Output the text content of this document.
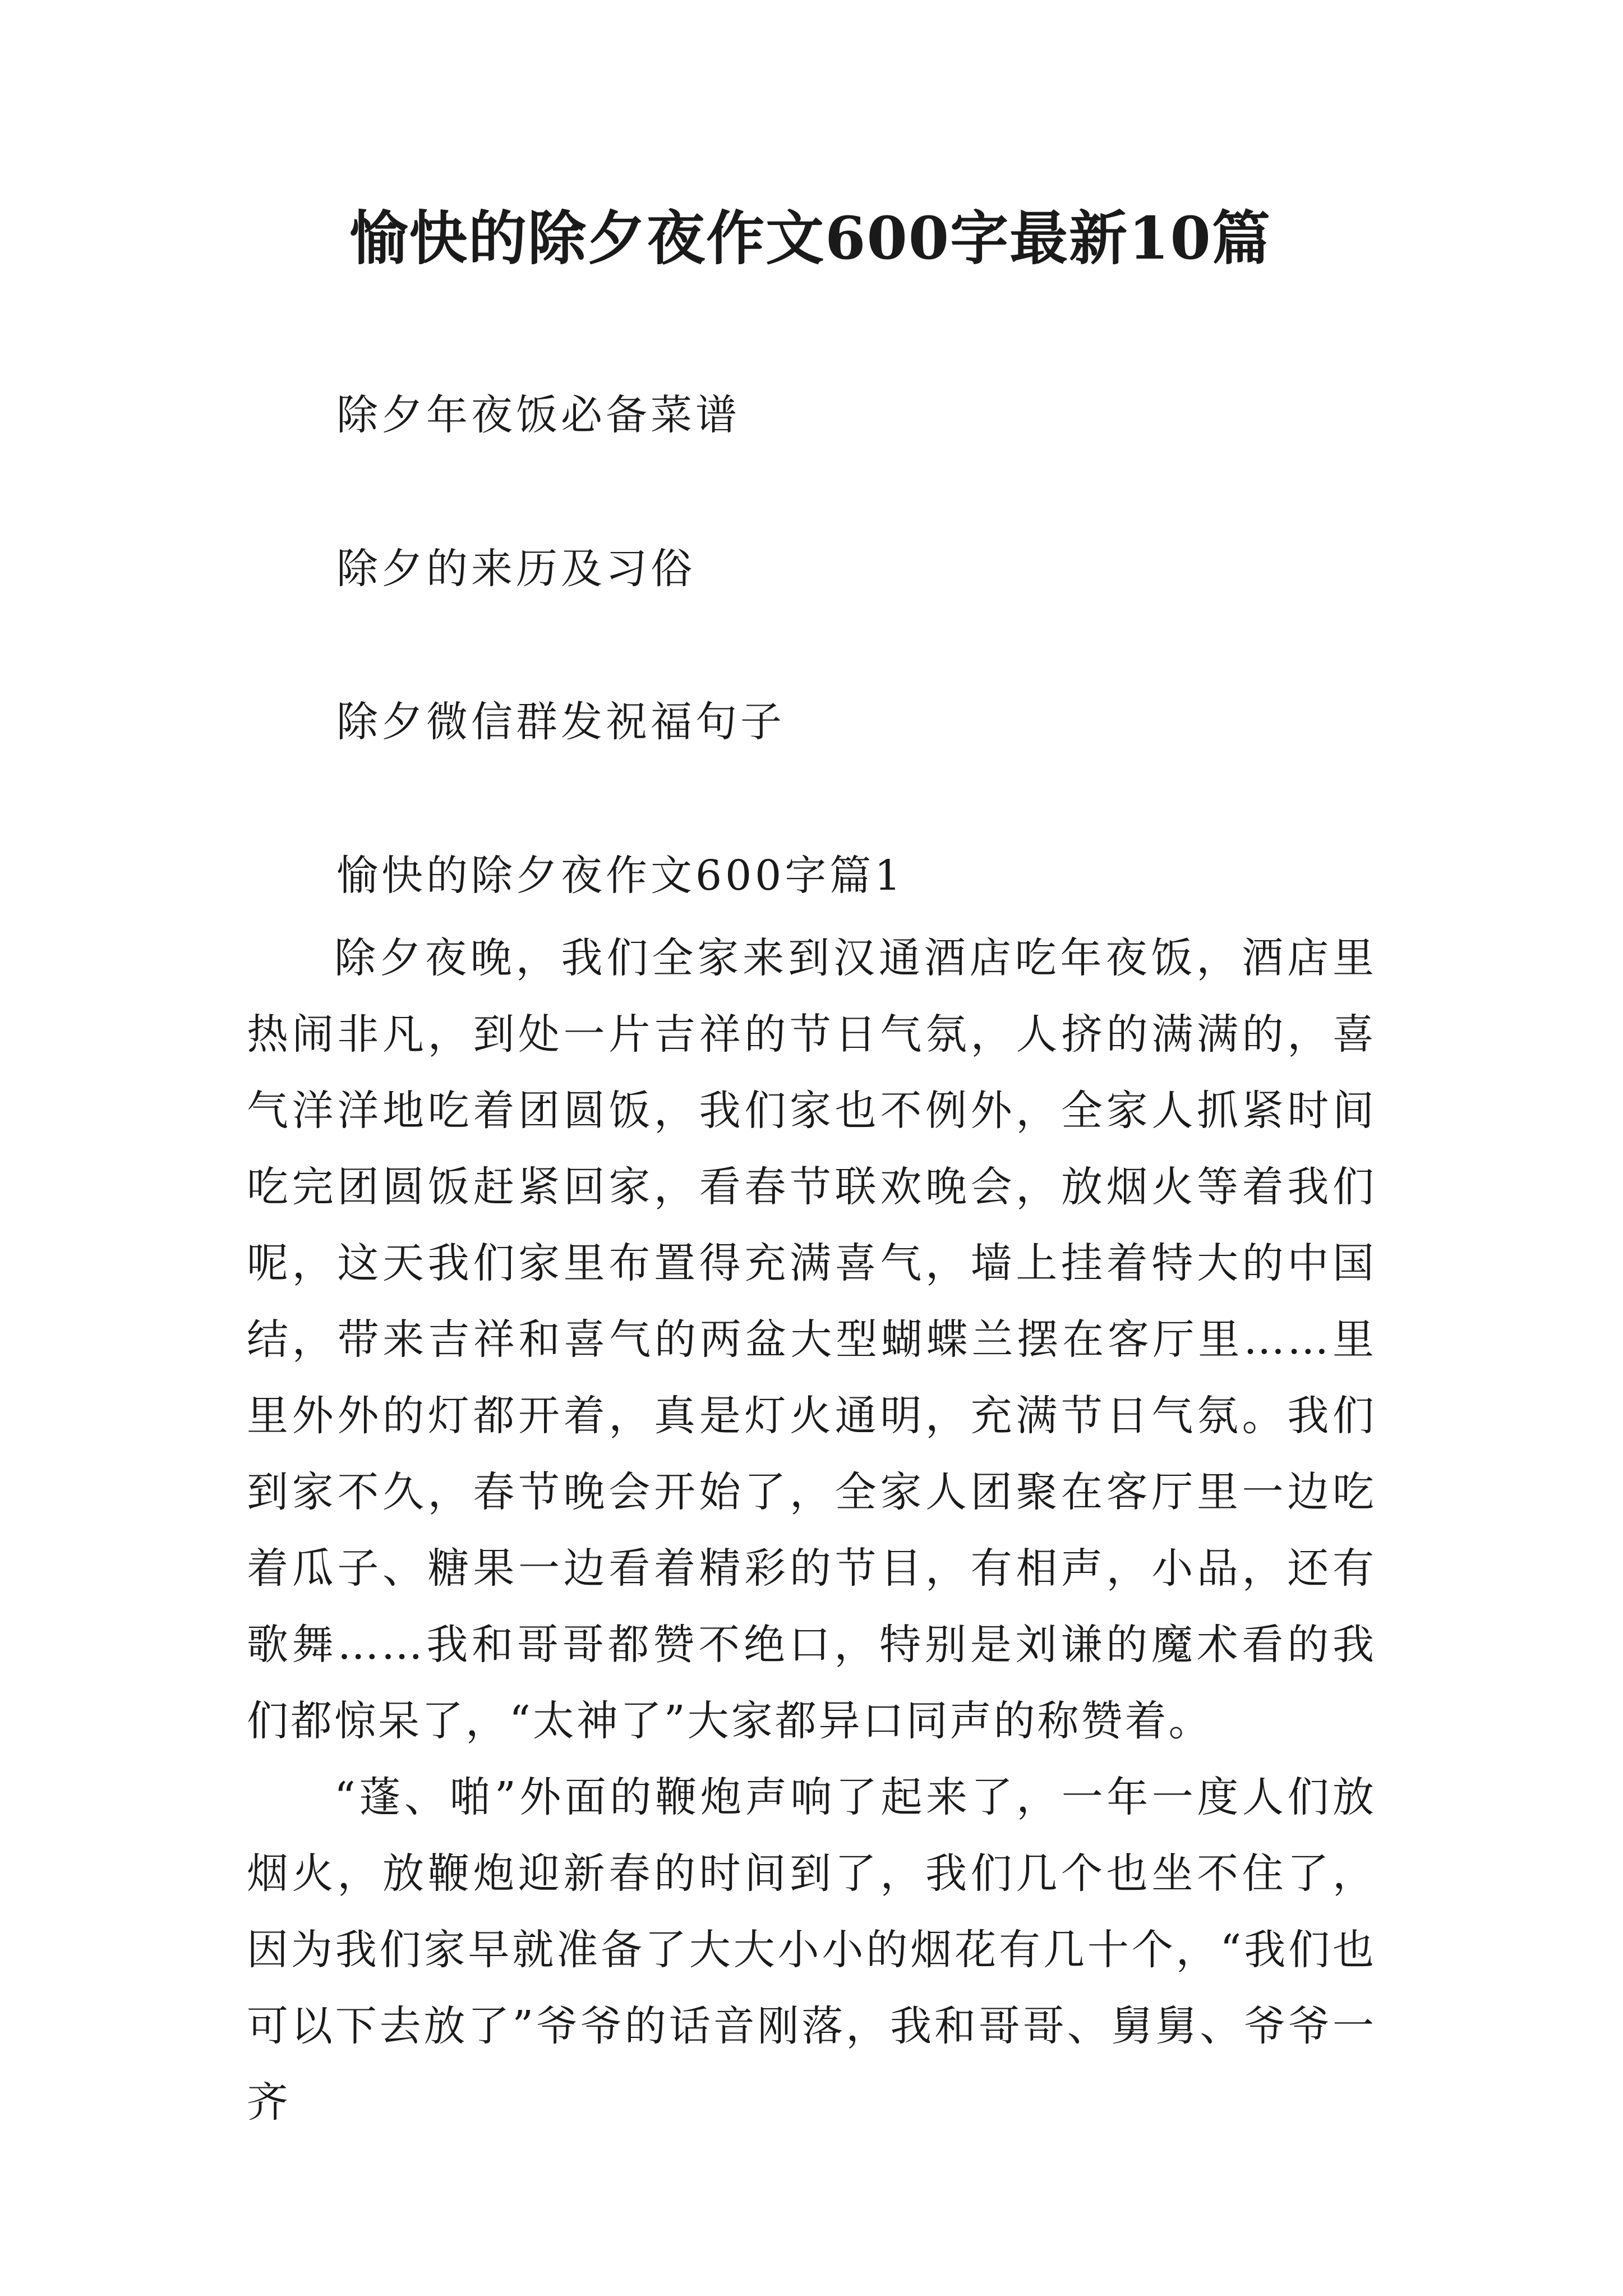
愉快的除夕夜作文600字最新10篇
除夕年夜饭必备菜谱
除夕的来历及习俗
除夕微信群发祝福句子
愉快的除夕夜作文600字篇1

除夕夜晚，我们全家来到汉通酒店吃年夜饭，酒店里热闹非凡，到处一片吉祥的节日气氛，人挤的满满的，喜气洋洋地吃着团圆饭，我们家也不例外，全家人抓紧时间吃完团圆饭赶紧回家，看春节联欢晚会，放烟火等着我们呢，这天我们家里布置得充满喜气，墙上挂着特大的中国结，带来吉祥和喜气的两盆大型蝴蝶兰摆在客厅里……里里外外的灯都开着，真是灯火通明，充满节日气氛。我们到家不久，春节晚会开始了，全家人团聚在客厅里一边吃着瓜子、糖果一边看着精彩的节目，有相声，小品，还有歌舞……我和哥哥都赞不绝口，特别是刘谦的魔术看的我们都惊呆了，“太神了”大家都异口同声的称赞着。

“蓬、啪”外面的鞭炮声响了起来了，一年一度人们放烟火，放鞭炮迎新春的时间到了，我们几个也坐不住了，因为我们家早就准备了大大小小的烟花有几十个，“我们也可以下去放了”爷爷的话音刚落，我和哥哥、舅舅、爷爷一齐
